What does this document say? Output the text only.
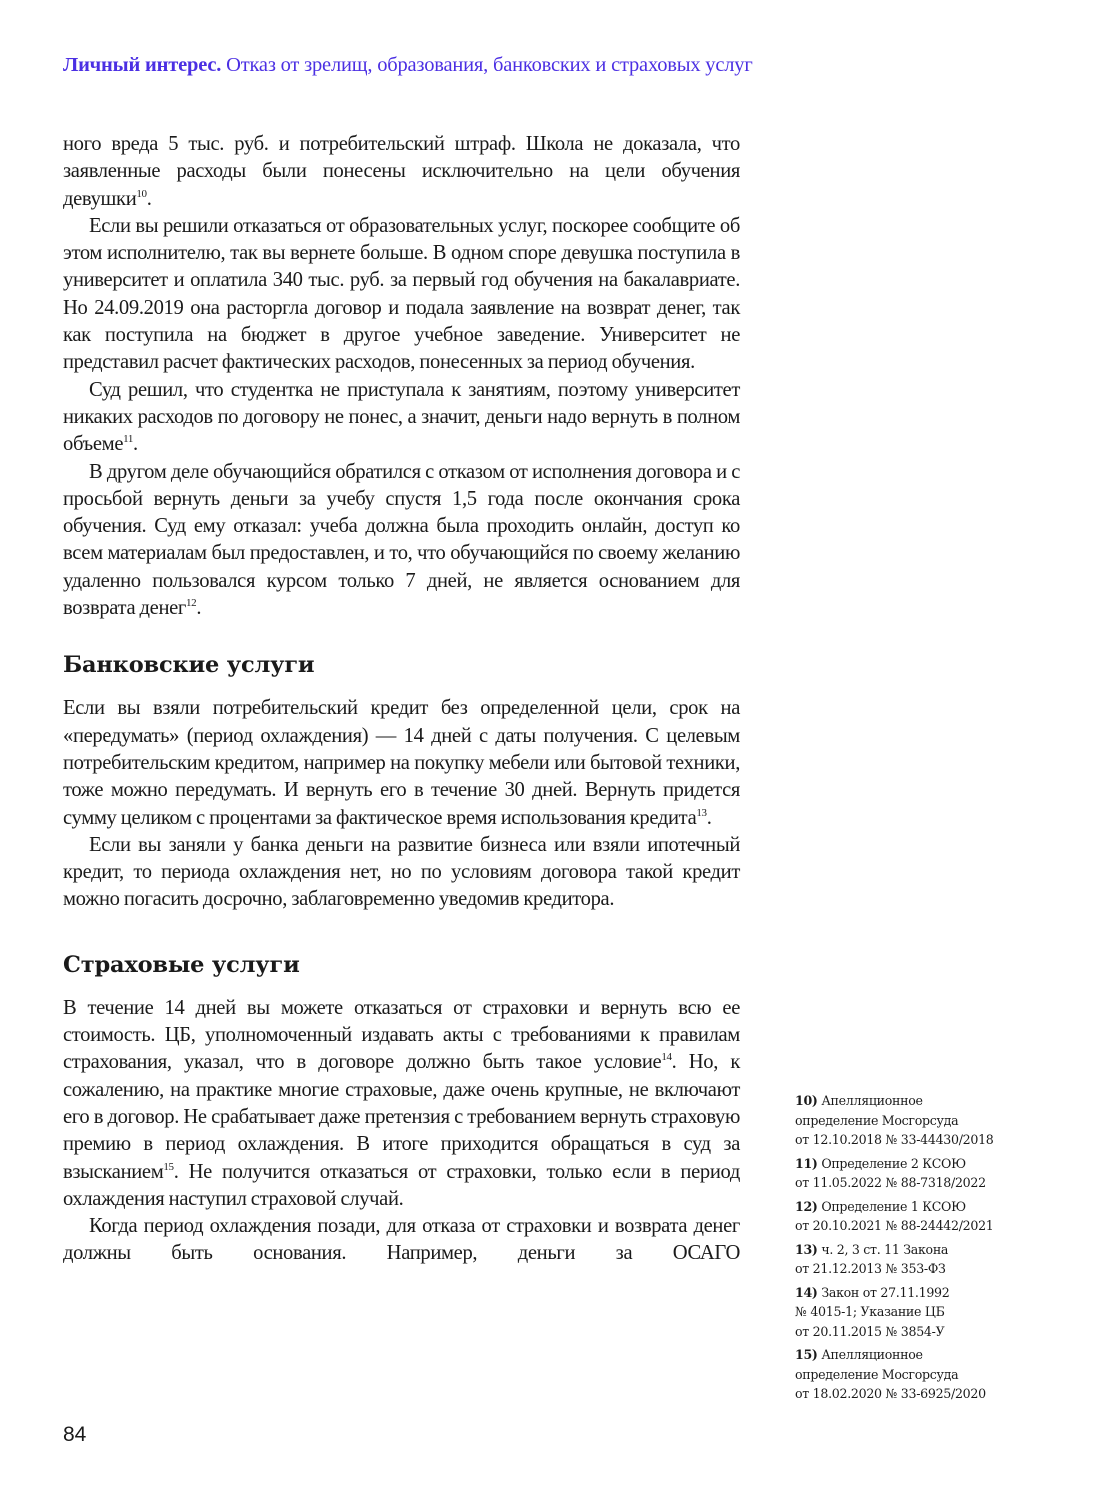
Личный интерес. Отказ от зрелищ, образования, банковских и страховых услуг

ного вреда 5 тыс. руб. и потребительский штраф. Школа не доказала, что заявленные расходы были понесены исключительно на цели обучения девушки$^{10}$.

Если вы решили отказаться от образовательных услуг, поскорее сообщите об этом исполнителю, так вы вернете больше. В одном споре девушка поступила в университет и оплатила 340 тыс. руб. за первый год обучения на бакалавриате. Но 24.09.2019 она расторгла договор и подала заявление на возврат денег, так как поступила на бюджет в другое учебное заведение. Университет не представил расчет фактических расходов, понесенных за период обучения.

Суд решил, что студентка не приступала к занятиям, поэтому университет никаких расходов по договору не понес, а значит, деньги надо вернуть в полном объеме$^{11}$.

В другом деле обучающийся обратился с отказом от исполнения договора и с просьбой вернуть деньги за учебу спустя 1,5 года после окончания срока обучения. Суд ему отказал: учеба должна была проходить онлайн, доступ ко всем материалам был предоставлен, и то, что обучающийся по своему желанию удаленно пользовался курсом только 7 дней, не является основанием для возврата денег$^{12}$.

Банковские услуги

Если вы взяли потребительский кредит без определенной цели, срок на «передумать» (период охлаждения) — 14 дней с даты получения. С целевым потребительским кредитом, например на покупку мебели или бытовой техники, тоже можно передумать. И вернуть его в течение 30 дней. Вернуть придется сумму целиком с процентами за фактическое время использования кредита$^{13}$.

Если вы заняли у банка деньги на развитие бизнеса или взяли ипотечный кредит, то периода охлаждения нет, но по условиям договора такой кредит можно погасить досрочно, заблаговременно уведомив кредитора.

Страховые услуги

В течение 14 дней вы можете отказаться от страховки и вернуть всю ее стоимость. ЦБ, уполномоченный издавать акты с требованиями к правилам страхования, указал, что в договоре должно быть такое условие$^{14}$. Но, к сожалению, на практике многие страховые, даже очень крупные, не включают его в договор. Не срабатывает даже претензия с требованием вернуть страховую премию в период охлаждения. В итоге приходится обращаться в суд за взысканием$^{15}$. Не получится отказаться от страховки, только если в период охлаждения наступил страховой случай.

Когда период охлаждения позади, для отказа от страховки и возврата денег должны быть основания. Например, деньги за ОСАГО

10) Апелляционное
определение Мосгорсуда
от 12.10.2018 № 33-44430/2018
11) Определение 2 КСОЮ
от 11.05.2022 № 88-7318/2022
12) Определение 1 КСОЮ
от 20.10.2021 № 88-24442/2021
13) ч. 2, 3 ст. 11 Закона
от 21.12.2013 № 353-ФЗ
14) Закон от 27.11.1992
№ 4015-1; Указание ЦБ
от 20.11.2015 № 3854-У
15) Апелляционное
определение Мосгорсуда
от 18.02.2020 № 33-6925/2020
84
